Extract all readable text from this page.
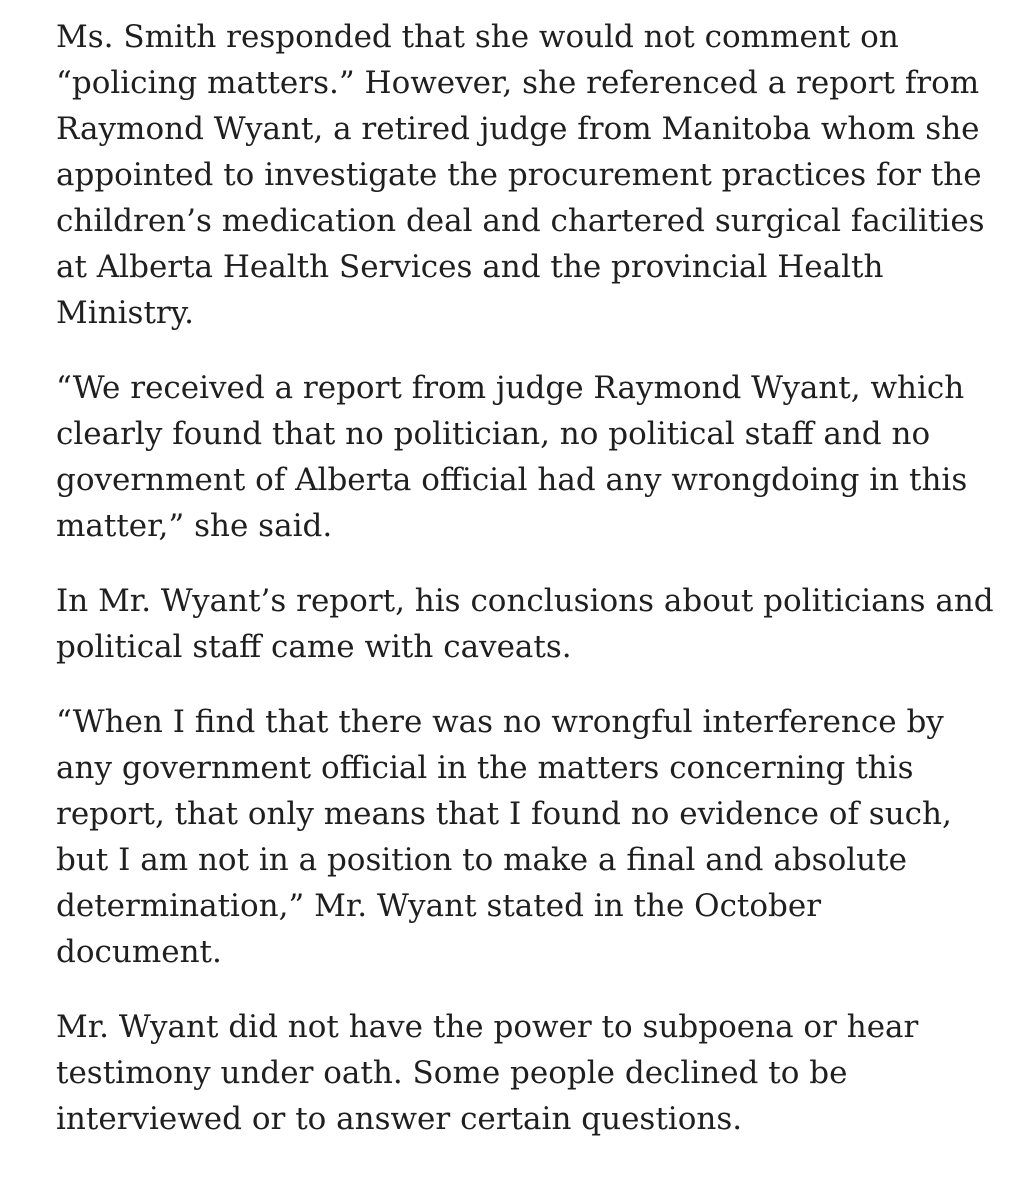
Ms. Smith responded that she would not comment on
“policing matters.” However, she referenced a report from
Raymond Wyant, a retired judge from Manitoba whom she
appointed to investigate the procurement practices for the
children’s medication deal and chartered surgical facilities
at Alberta Health Services and the provincial Health
Ministry.

“We received a report from judge Raymond Wyant, which
clearly found that no politician, no political staff and no
government of Alberta official had any wrongdoing in this
matter,” she said.

In Mr. Wyant’s report, his conclusions about politicians and
political staff came with caveats.

“When I find that there was no wrongful interference by
any government official in the matters concerning this
report, that only means that I found no evidence of such,
but I am not in a position to make a final and absolute
determination,” Mr. Wyant stated in the October
document.

Mr. Wyant did not have the power to subpoena or hear
testimony under oath. Some people declined to be
interviewed or to answer certain questions.
